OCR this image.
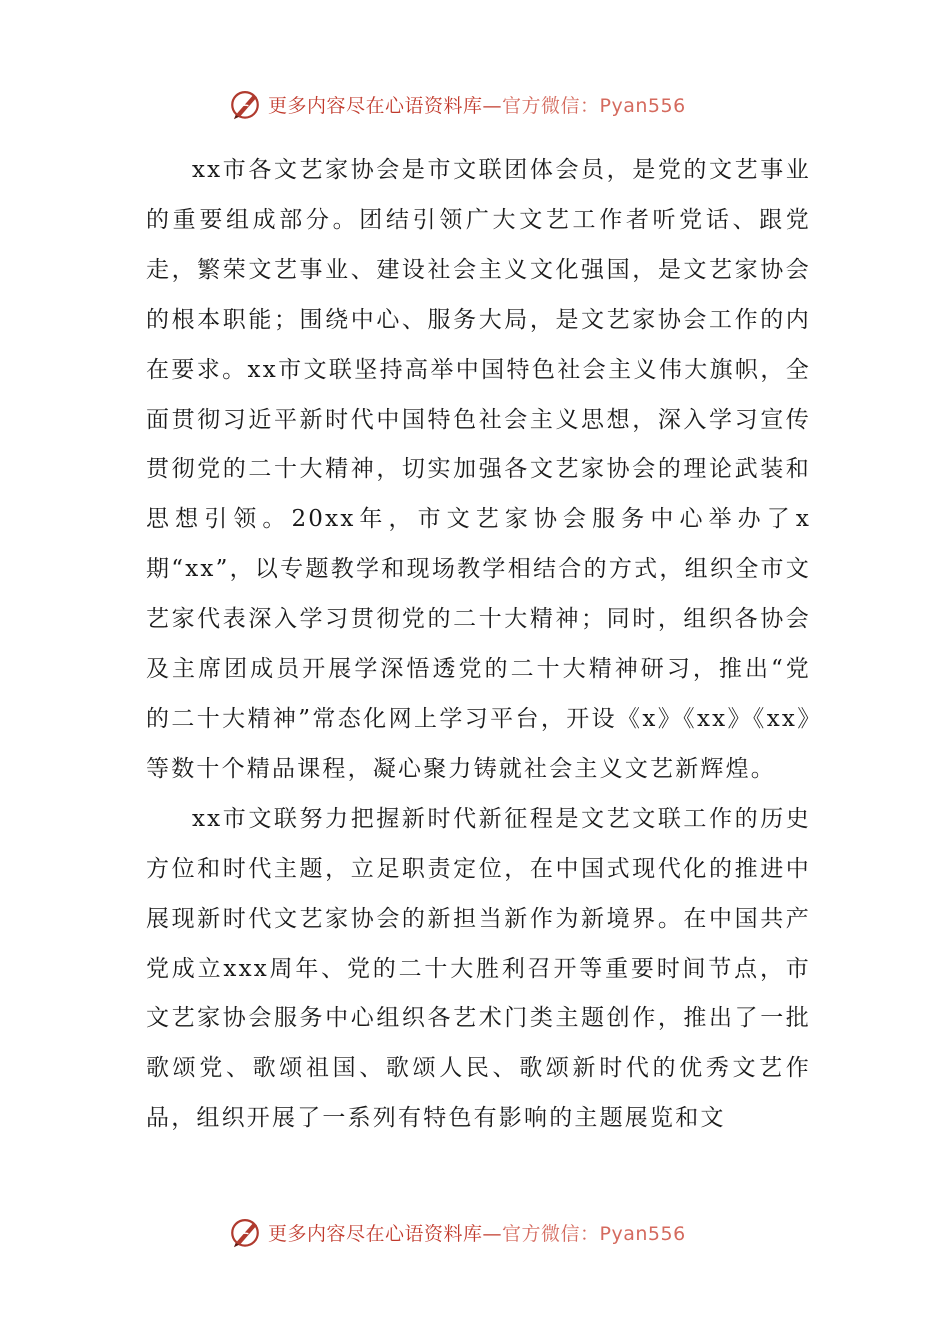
更多内容尽在心语资料库—官方微信：Pyan556

xx市各文艺家协会是市文联团体会员，是党的文艺事业的重要组成部分。团结引领广大文艺工作者听党话、跟党走，繁荣文艺事业、建设社会主义文化强国，是文艺家协会的根本职能；围绕中心、服务大局，是文艺家协会工作的内在要求。xx市文联坚持高举中国特色社会主义伟大旗帜，全面贯彻习近平新时代中国特色社会主义思想，深入学习宣传贯彻党的二十大精神，切实加强各文艺家协会的理论武装和思想引领。20xx年，市文艺家协会服务中心举办了x期“xx”，以专题教学和现场教学相结合的方式，组织全市文艺家代表深入学习贯彻党的二十大精神；同时，组织各协会及主席团成员开展学深悟透党的二十大精神研习，推出“党的二十大精神”常态化网上学习平台，开设《x》《xx》《xx》等数十个精品课程，凝心聚力铸就社会主义文艺新辉煌。

xx市文联努力把握新时代新征程是文艺文联工作的历史方位和时代主题，立足职责定位，在中国式现代化的推进中展现新时代文艺家协会的新担当新作为新境界。在中国共产党成立xxx周年、党的二十大胜利召开等重要时间节点，市文艺家协会服务中心组织各艺术门类主题创作，推出了一批歌颂党、歌颂祖国、歌颂人民、歌颂新时代的优秀文艺作品，组织开展了一系列有特色有影响的主题展览和文

更多内容尽在心语资料库—官方微信：Pyan556
